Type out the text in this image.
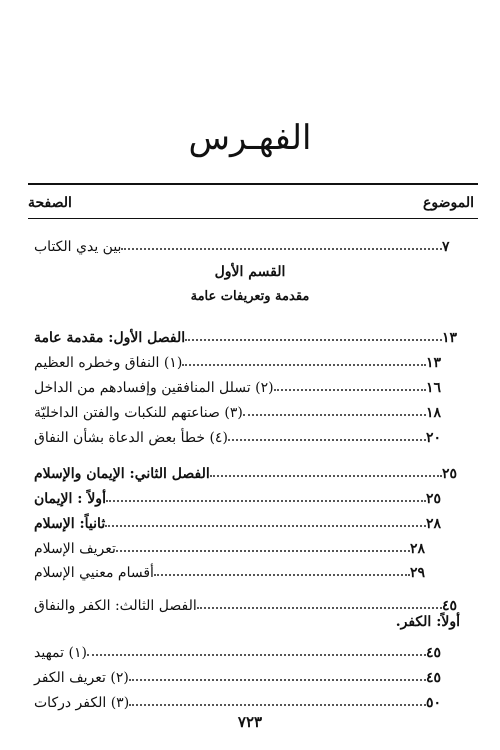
الفهـرس
الموضوع
الصفحة
بين يدي الكتاب	٧
القسم الأول
مقدمة وتعريفات عامة
الفصل الأول: مقدمة عامة	١٣
(١) النفاق وخطره العظيم	١٣
(٢) تسلل المنافقين وإفسادهم من الداخل	١٦
(٣) صناعتهم للنكبات والفتن الداخليّة	١٨
(٤) خطأ بعض الدعاة بشأن النفاق	٢٠
الفصل الثاني: الإيمان والإسلام	٢٥
أولاً : الإيمان	٢٥
ثانياً: الإسلام	٢٨
تعريف الإسلام	٢٨
أقسام معنيي الإسلام	٢٩
الفصل الثالث: الكفر والنفاق	٤٥
أولاً: الكفر.
(١) تمهيد	٤٥
(٢) تعريف الكفر	٤٥
(٣) الكفر دركات	٥٠
٧٢٣
